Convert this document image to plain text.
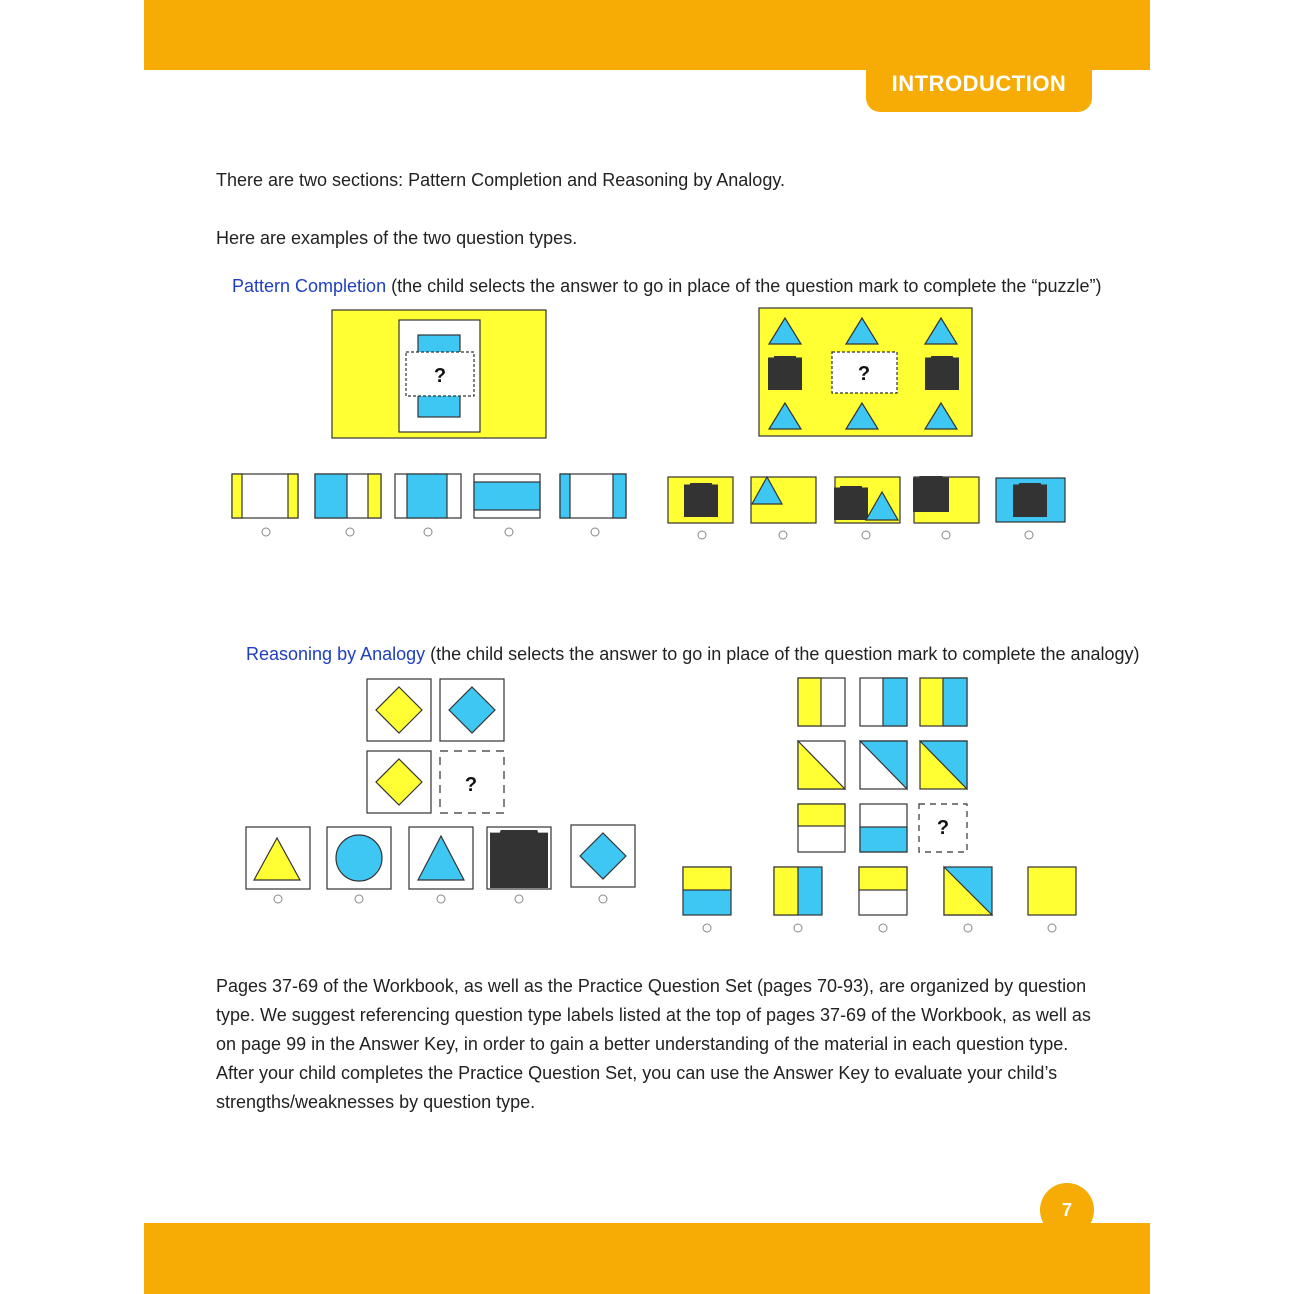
INTRODUCTION

There are two sections: Pattern Completion and Reasoning by Analogy.

Here are examples of the two question types.

Pattern Completion (the child selects the answer to go in place of the question mark to complete the “puzzle”)

Reasoning by Analogy (the child selects the answer to go in place of the question mark to complete the analogy)

?	?
?
?

Pages 37-69 of the Workbook, as well as the Practice Question Set (pages 70-93), are organized by question type. We suggest referencing question type labels listed at the top of pages 37-69 of the Workbook, as well as on page 99 in the Answer Key, in order to gain a better understanding of the material in each question type. After your child completes the Practice Question Set, you can use the Answer Key to evaluate your child’s strengths/weaknesses by question type.

7
